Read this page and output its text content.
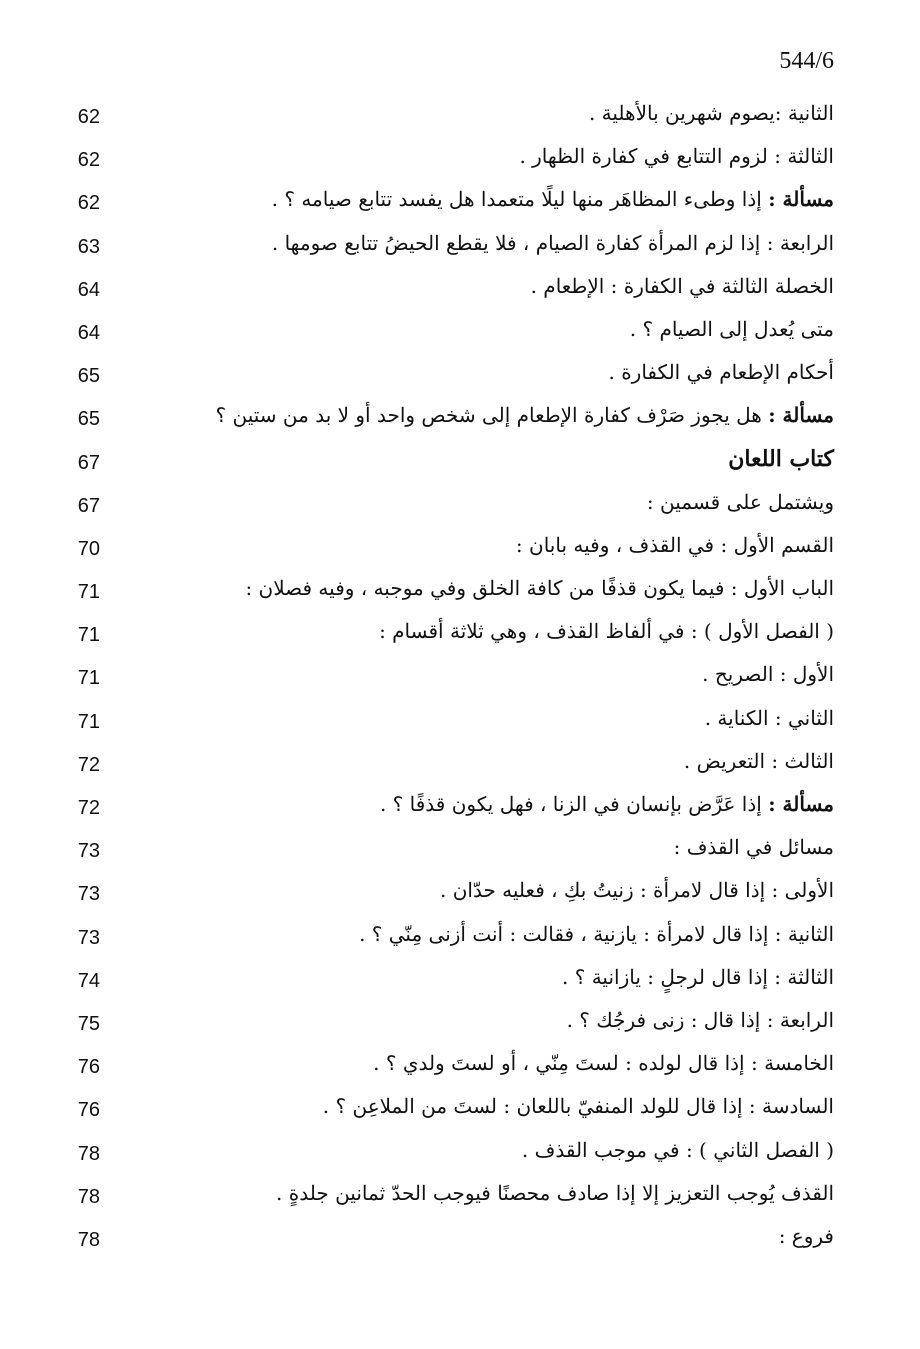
544/6
الثانية :يصوم شهرين بالأهلية .
62
الثالثة : لزوم التتابع في كفارة الظهار .
62
مسألة : إذا وطىء المظاهَر منها ليلًا متعمدا هل يفسد تتابع صيامه ؟ .
62
الرابعة : إذا لزم المرأة كفارة الصيام ، فلا يقطع الحيضُ تتابع صومها .
63
الخصلة الثالثة في الكفارة : الإطعام .
64
متى يُعدل إلى الصيام ؟ .
64
أحكام الإطعام في الكفارة .
65
مسألة : هل يجوز صَرْف كفارة الإطعام إلى شخص واحد أو لا بد من ستين ؟
65
كتاب اللعان
67
ويشتمل على قسمين :
67
القسم الأول : في القذف ، وفيه بابان :
70
الباب الأول : فيما يكون قذفًا من كافة الخلق وفي موجبه ، وفيه فصلان :
71
( الفصل الأول ) : في ألفاظ القذف ، وهي ثلاثة أقسام :
71
الأول : الصريح .
71
الثاني : الكناية .
71
الثالث : التعريض .
72
مسألة : إذا عَرَّض بإنسان في الزنا ، فهل يكون قذفًا ؟ .
72
مسائل في القذف :
73
الأولى : إذا قال لامرأة : زنيتُ بكِ ، فعليه حدّان .
73
الثانية : إذا قال لامرأة : يازنية ، فقالت : أنت أزنى مِنّي ؟ .
73
الثالثة : إذا قال لرجلٍ : يازانية ؟ .
74
الرابعة : إذا قال : زنى فرجُك ؟ .
75
الخامسة : إذا قال لولده : لستَ مِنّي ، أو لستَ ولدي ؟ .
76
السادسة : إذا قال للولد المنفيّ باللعان : لستَ من الملاعِن ؟ .
76
( الفصل الثاني ) : في موجب القذف .
78
القذف يُوجب التعزيز إلا إذا صادف محصنًا فيوجب الحدّ ثمانين جلدةٍ .
78
فروع :
78
